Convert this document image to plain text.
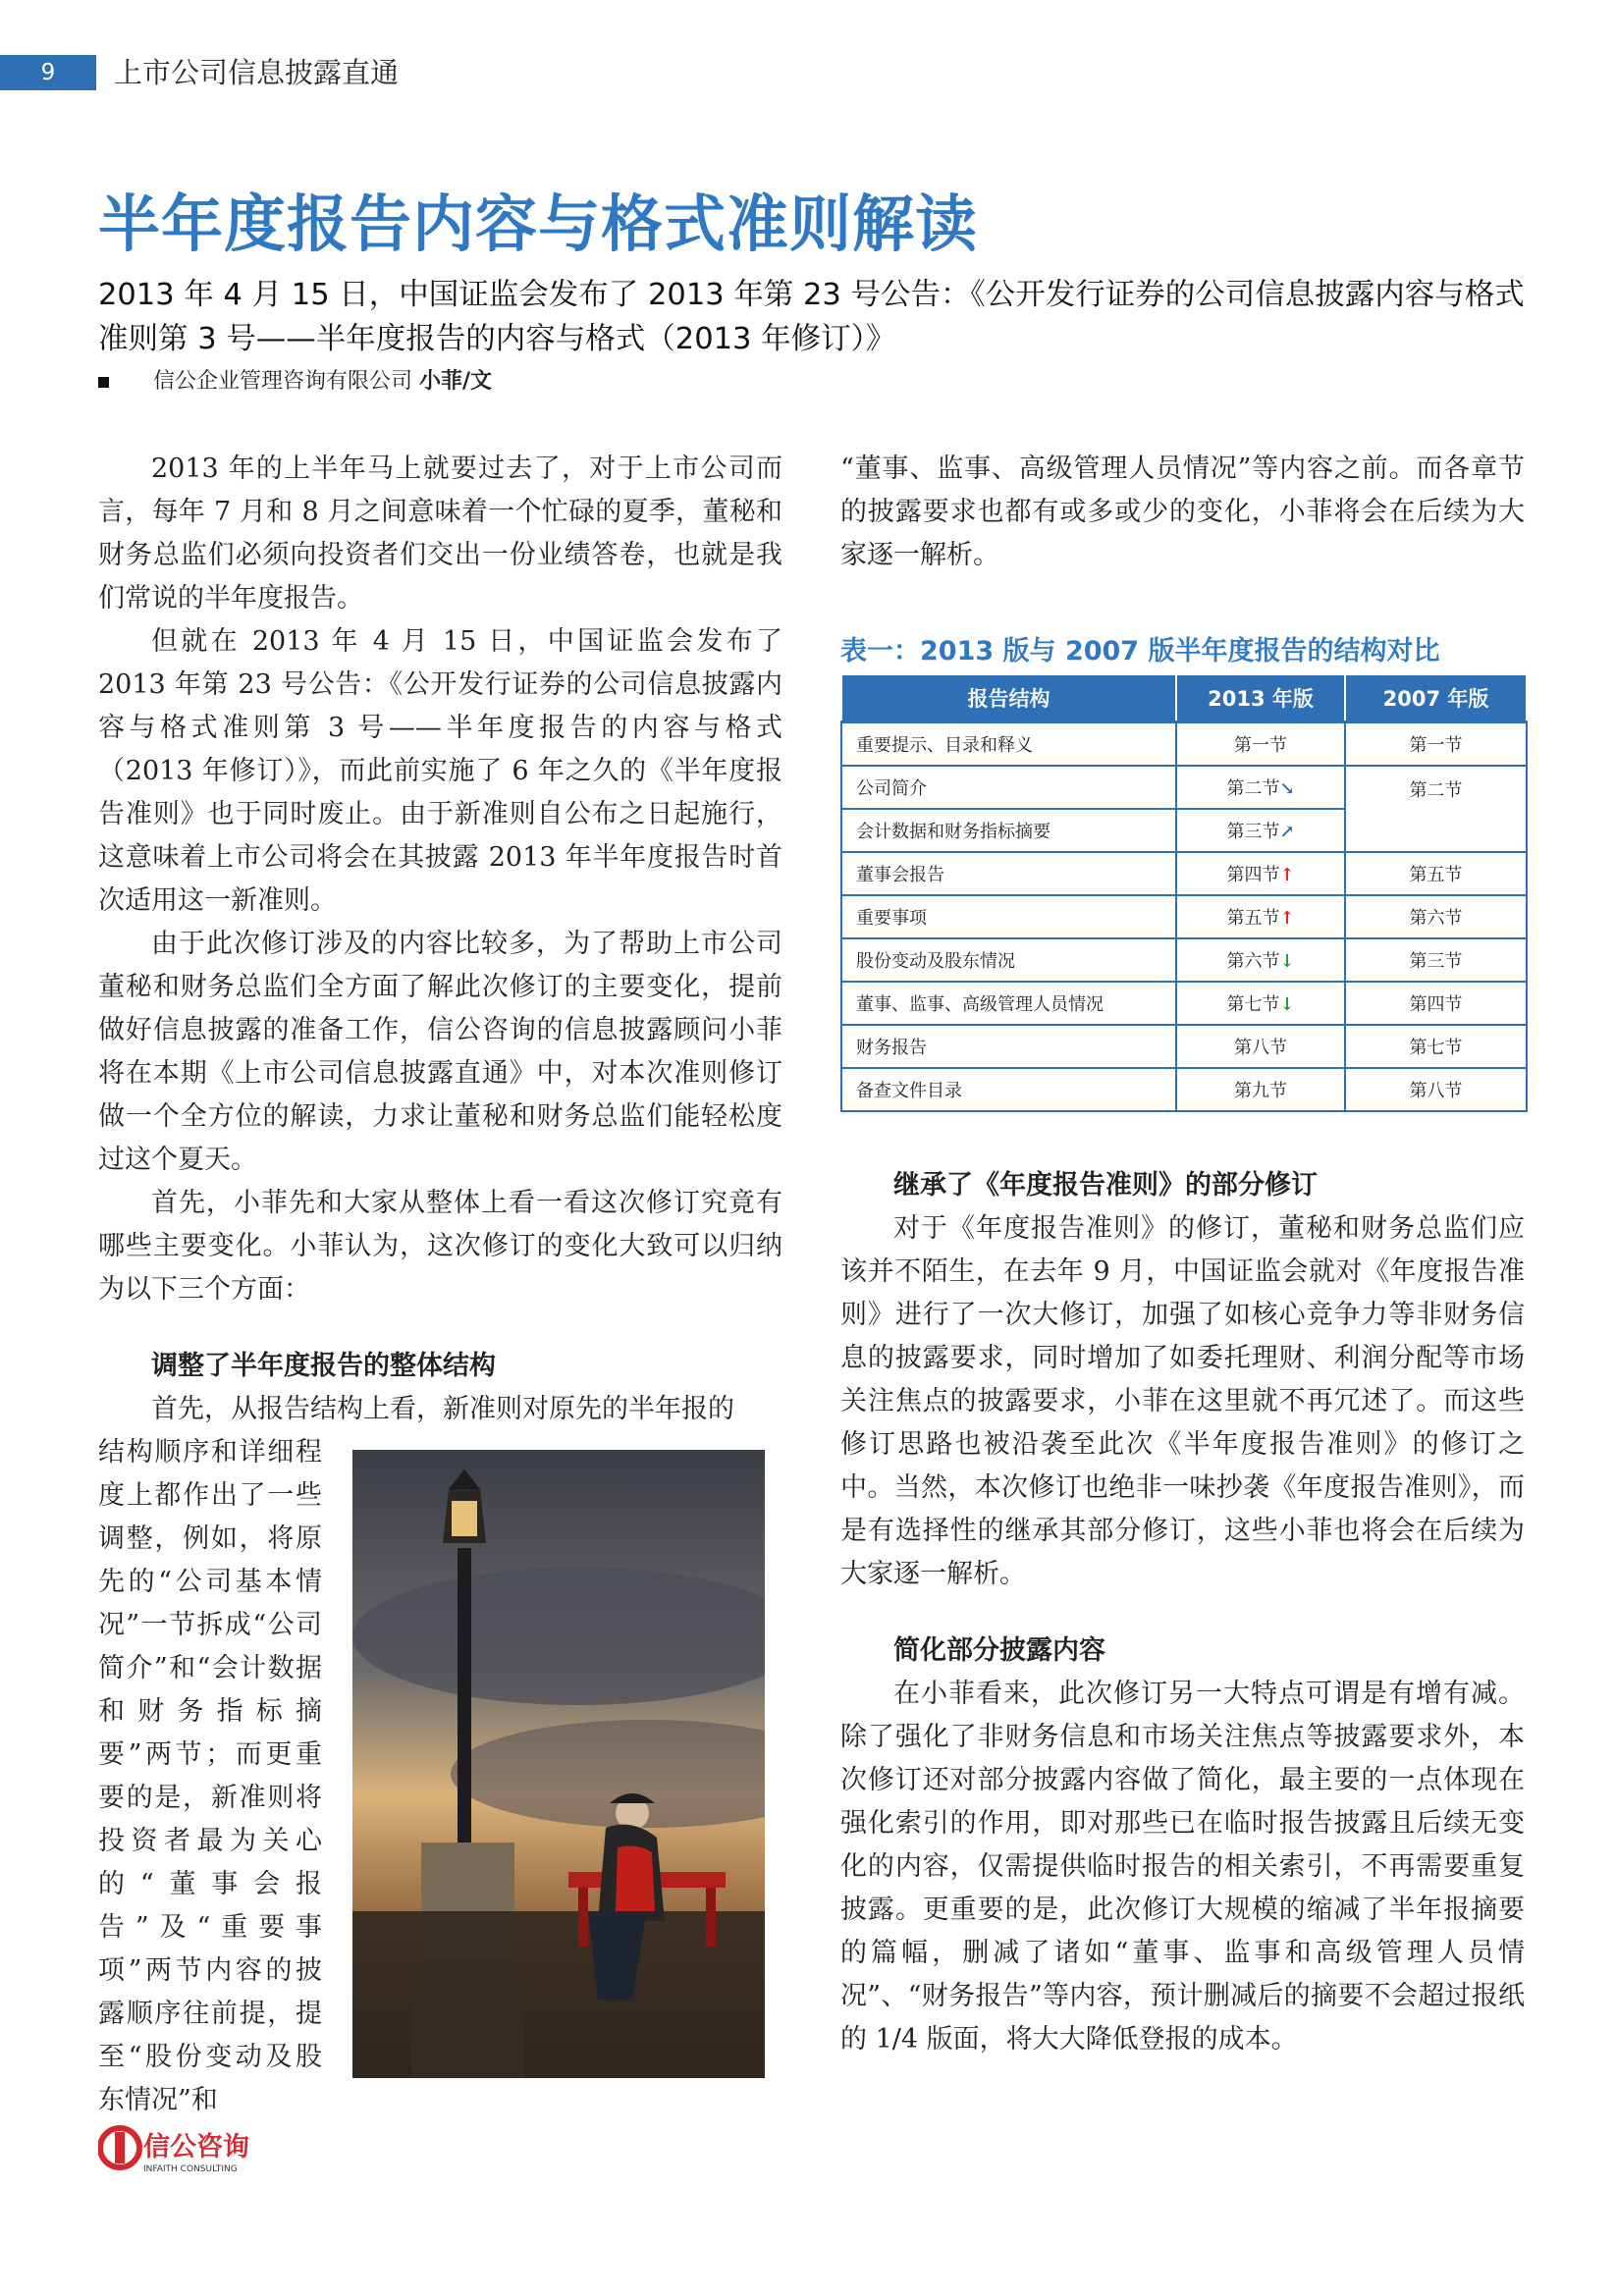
9	上市公司信息披露直通
半年度报告内容与格式准则解读
2013 年 4 月 15 日，中国证监会发布了 2013 年第 23 号公告：《公开发行证券的公司信息披露内容与格式准则第 3 号——半年度报告的内容与格式（2013 年修订）》
信公企业管理咨询有限公司 小菲/文

2013 年的上半年马上就要过去了，对于上市公司而言，每年 7 月和 8 月之间意味着一个忙碌的夏季，董秘和财务总监们必须向投资者们交出一份业绩答卷，也就是我们常说的半年度报告。

但就在 2013 年 4 月 15 日，中国证监会发布了 2013 年第 23 号公告：《公开发行证券的公司信息披露内容与格式准则第 3 号——半年度报告的内容与格式（2013 年修订）》，而此前实施了 6 年之久的《半年度报告准则》也于同时废止。由于新准则自公布之日起施行，这意味着上市公司将会在其披露 2013 年半年度报告时首次适用这一新准则。

由于此次修订涉及的内容比较多，为了帮助上市公司董秘和财务总监们全方面了解此次修订的主要变化，提前做好信息披露的准备工作，信公咨询的信息披露顾问小菲将在本期《上市公司信息披露直通》中，对本次准则修订做一个全方位的解读，力求让董秘和财务总监们能轻松度过这个夏天。

首先，小菲先和大家从整体上看一看这次修订究竟有哪些主要变化。小菲认为，这次修订的变化大致可以归纳为以下三个方面：

调整了半年度报告的整体结构

首先，从报告结构上看，新准则对原先的半年报的

结构顺序和详细程度上都作出了一些调整，例如，将原先的“公司基本情况”一节拆成“公司简介”和“会计数据和财务指标摘要”两节；而更重要的是，新准则将投资者最为关心的“董事会报告”及“重要事项”两节内容的披露顺序往前提，提至“股份变动及股东情况”和

“董事、监事、高级管理人员情况”等内容之前。而各章节的披露要求也都有或多或少的变化，小菲将会在后续为大家逐一解析。

表一：2013 版与 2007 版半年度报告的结构对比
报告结构	2013 年版	2007 年版
重要提示、目录和释义	第一节	第一节
公司简介	第二节↘	第二节
会计数据和财务指标摘要	第三节↗	
董事会报告	第四节↑	第五节
重要事项	第五节↑	第六节
股份变动及股东情况	第六节↓	第三节
董事、监事、高级管理人员情况	第七节↓	第四节
财务报告	第八节	第七节
备查文件目录	第九节	第八节
继承了《年度报告准则》的部分修订

对于《年度报告准则》的修订，董秘和财务总监们应该并不陌生，在去年 9 月，中国证监会就对《年度报告准则》进行了一次大修订，加强了如核心竞争力等非财务信息的披露要求，同时增加了如委托理财、利润分配等市场关注焦点的披露要求，小菲在这里就不再冗述了。而这些修订思路也被沿袭至此次《半年度报告准则》的修订之中。当然，本次修订也绝非一味抄袭《年度报告准则》，而是有选择性的继承其部分修订，这些小菲也将会在后续为大家逐一解析。

简化部分披露内容

在小菲看来，此次修订另一大特点可谓是有增有减。除了强化了非财务信息和市场关注焦点等披露要求外，本次修订还对部分披露内容做了简化，最主要的一点体现在强化索引的作用，即对那些已在临时报告披露且后续无变化的内容，仅需提供临时报告的相关索引，不再需要重复披露。更重要的是，此次修订大规模的缩减了半年报摘要的篇幅，删减了诸如“董事、监事和高级管理人员情况”、“财务报告”等内容，预计删减后的摘要不会超过报纸的 1/4 版面，将大大降低登报的成本。

信公咨询
INFAITH CONSULTING
